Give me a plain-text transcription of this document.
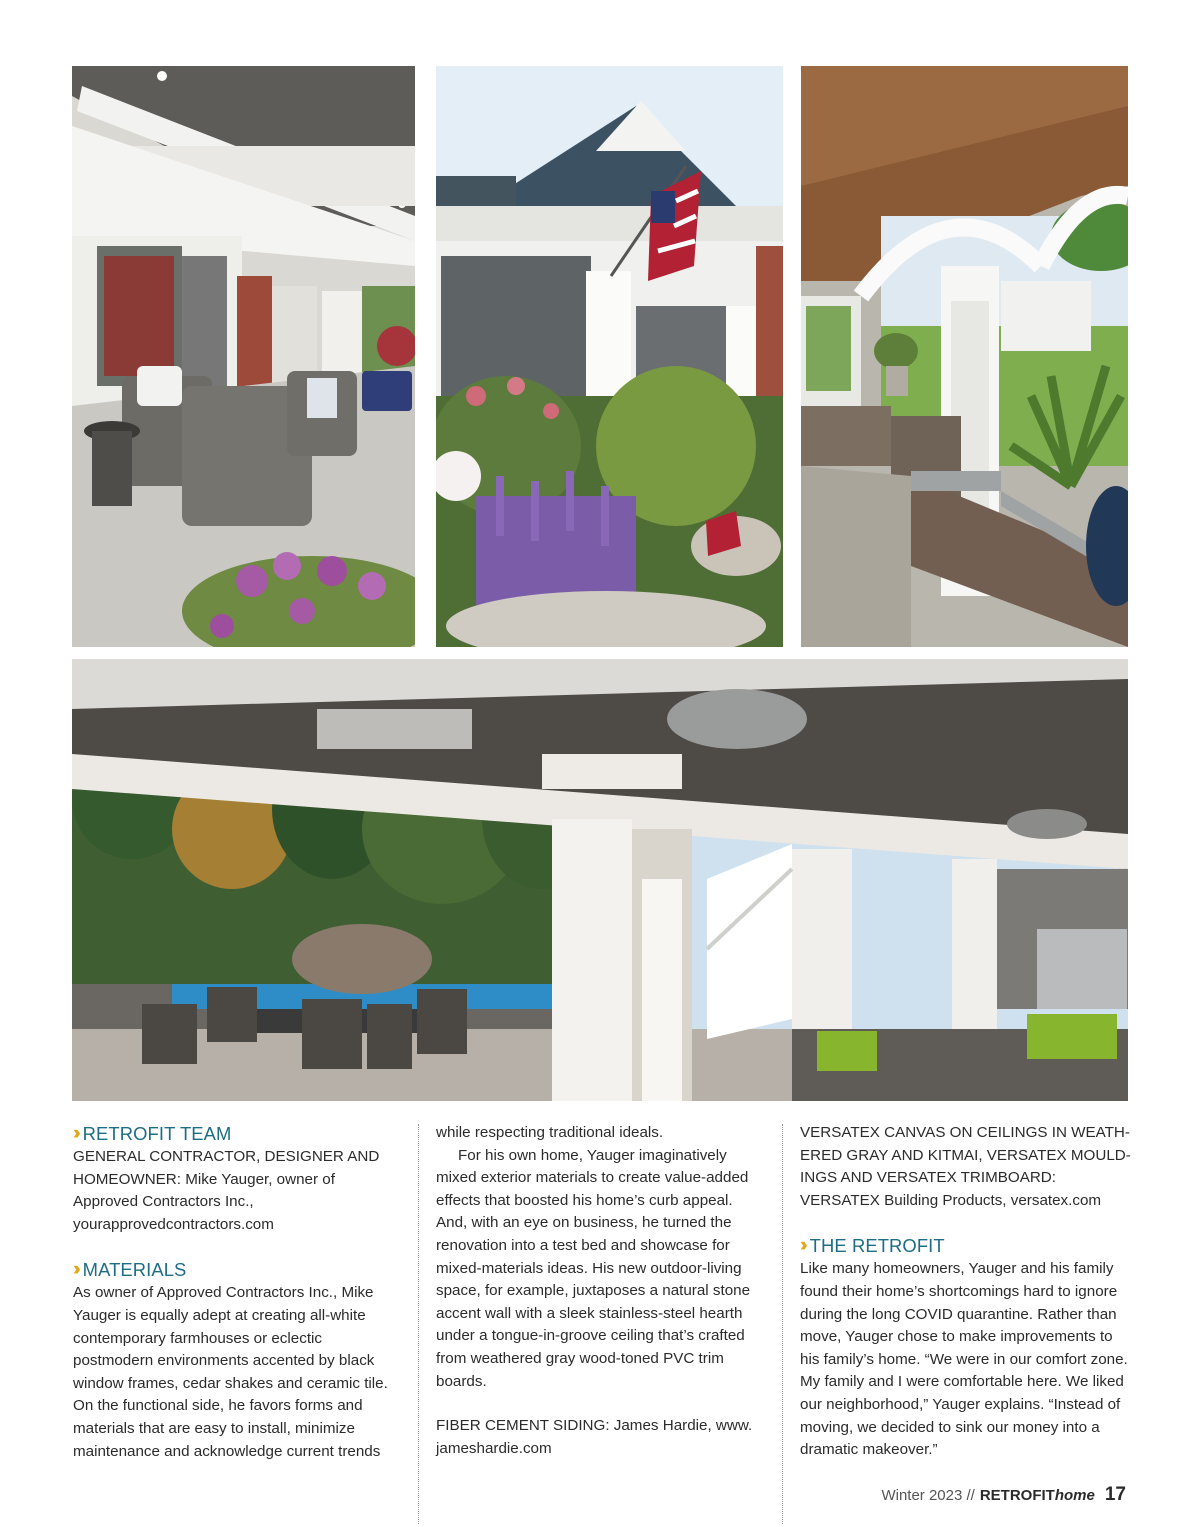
›› RETROFIT TEAM

GENERAL CONTRACTOR, DESIGNER AND HOMEOWNER: Mike Yauger, owner of Approved Contractors Inc., yourapprovedcontractors.com

›› MATERIALS

As owner of Approved Contractors Inc., Mike Yauger is equally adept at creating all-white contemporary farmhouses or eclectic postmodern environments accented by black window frames, cedar shakes and ceramic tile. On the functional side, he favors forms and materials that are easy to install, minimize maintenance and acknowledge current trends

while respecting traditional ideals.

For his own home, Yauger imaginatively mixed exterior materials to create value-added effects that boosted his home’s curb appeal. And, with an eye on business, he turned the renovation into a test bed and showcase for mixed-materials ideas. His new outdoor-living space, for example, juxtaposes a natural stone accent wall with a sleek stainless-steel hearth under a tongue-in-groove ceiling that’s crafted from weathered gray wood-toned PVC trim boards.

FIBER CEMENT SIDING: James Hardie, www. jameshardie.com

VERSATEX CANVAS ON CEILINGS IN WEATH-ERED GRAY AND KITMAI, VERSATEX MOULD-INGS AND VERSATEX TRIMBOARD: VERSATEX Building Products, versatex.com

›› THE RETROFIT

Like many homeowners, Yauger and his family found their home’s shortcomings hard to ignore during the long COVID quarantine. Rather than move, Yauger chose to make improvements to his family’s home. “We were in our comfort zone. My family and I were comfortable here. We liked our neighborhood,” Yauger explains. “Instead of moving, we decided to sink our money into a dramatic makeover.”

Winter 2023 // RETROFIThome 17
